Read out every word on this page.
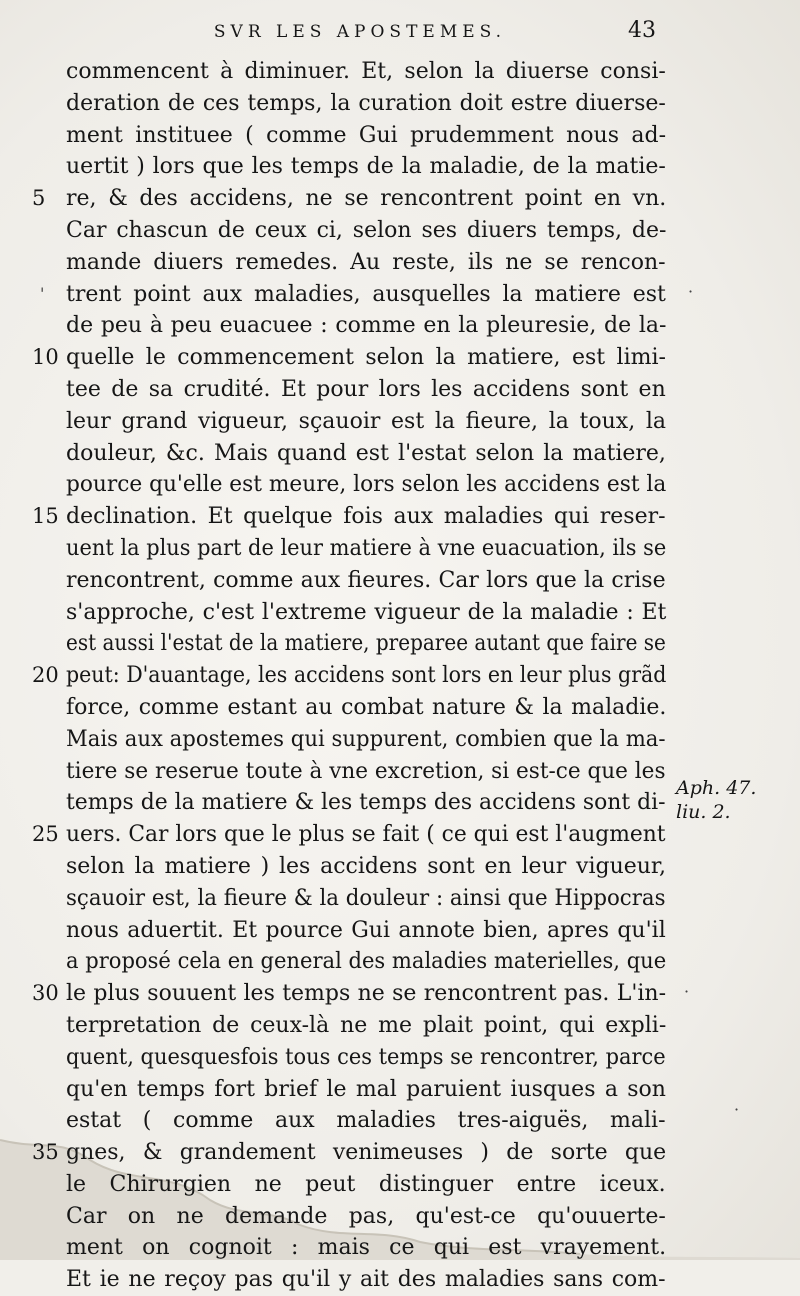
SVR LES APOSTEMES.	43
commencent à diminuer. Et, selon la diuerse consi-
deration de ces temps, la curation doit estre diuerse-
ment instituee ( comme Gui prudemment nous ad-
uertit ) lors que les temps de la maladie, de la matie-
5 re, & des accidens, ne se rencontrent point en vn.
Car chascun de ceux ci, selon ses diuers temps, de-
mande diuers remedes. Au reste, ils ne se rencon-
trent point aux maladies, ausquelles la matiere est
de peu à peu euacuee : comme en la pleuresie, de la-
10 quelle le commencement selon la matiere, est limi-
tee de sa crudité. Et pour lors les accidens sont en
leur grand vigueur, sçauoir est la fieure, la toux, la
douleur, &c. Mais quand est l'estat selon la matiere,
pource qu'elle est meure, lors selon les accidens est la
15 declination. Et quelque fois aux maladies qui reser-
uent la plus part de leur matiere à vne euacuation, ils se
rencontrent, comme aux fieures. Car lors que la crise
s'approche, c'est l'extreme vigueur de la maladie : Et
est aussi l'estat de la matiere, preparee autant que faire se
20 peut: D'auantage, les accidens sont lors en leur plus grãd
force, comme estant au combat nature & la maladie.
Mais aux apostemes qui suppurent, combien que la ma-
tiere se reserue toute à vne excretion, si est-ce que les
temps de la matiere & les temps des accidens sont di-
25 uers. Car lors que le plus se fait ( ce qui est l'augment
selon la matiere ) les accidens sont en leur vigueur,
sçauoir est, la fieure & la douleur : ainsi que Hippocras
nous aduertit. Et pource Gui annote bien, apres qu'il
a proposé cela en general des maladies materielles, que
30 le plus souuent les temps ne se rencontrent pas. L'in-
terpretation de ceux-là ne me plait point, qui expli-
quent, quesquesfois tous ces temps se rencontrer, parce
qu'en temps fort brief le mal paruient iusques a son
estat ( comme aux maladies tres-aiguës, mali-
35 gnes, & grandement venimeuses ) de sorte que
le Chirurgien ne peut distinguer entre iceux.
Car on ne demande pas, qu'est-ce qu'ouuerte-
ment on cognoit : mais ce qui est vrayement.
Et ie ne reçoy pas qu'il y ait des maladies sans com-
Aph. 47.
liu. 2.
·
'
·
·
